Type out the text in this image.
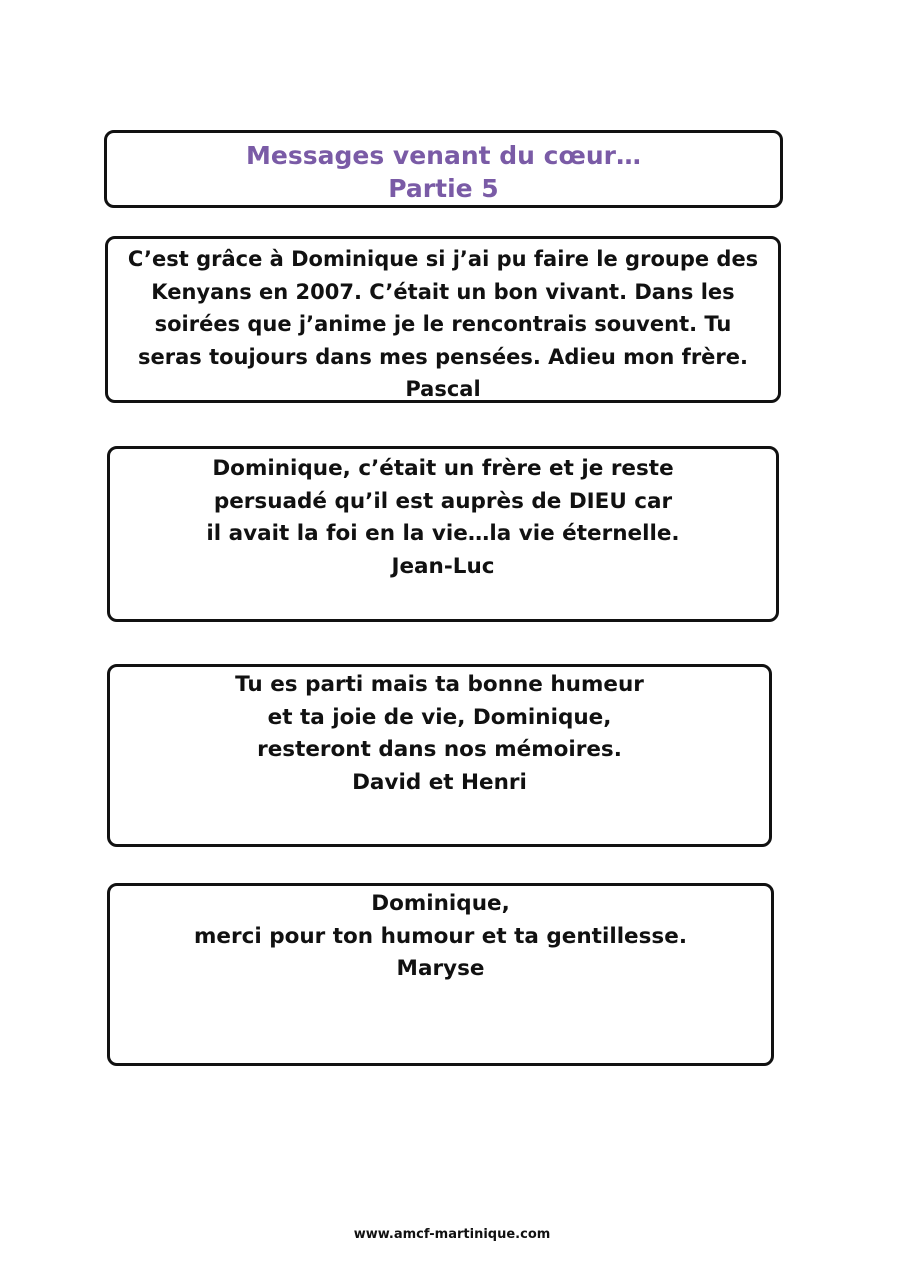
Messages venant du cœur…
Partie 5
C’est grâce à Dominique si j’ai pu faire le groupe des
Kenyans en 2007. C’était un bon vivant. Dans les
soirées que j’anime je le rencontrais souvent. Tu
seras toujours dans mes pensées. Adieu mon frère.
Pascal
Dominique, c’était un frère et je reste
persuadé qu’il est auprès de DIEU car
il avait la foi en la vie…la vie éternelle.
Jean-Luc
Tu es parti mais ta bonne humeur
et ta joie de vie, Dominique,
resteront dans nos mémoires.
David et Henri
Dominique,
merci pour ton humour et ta gentillesse.
Maryse
www.amcf-martinique.com
